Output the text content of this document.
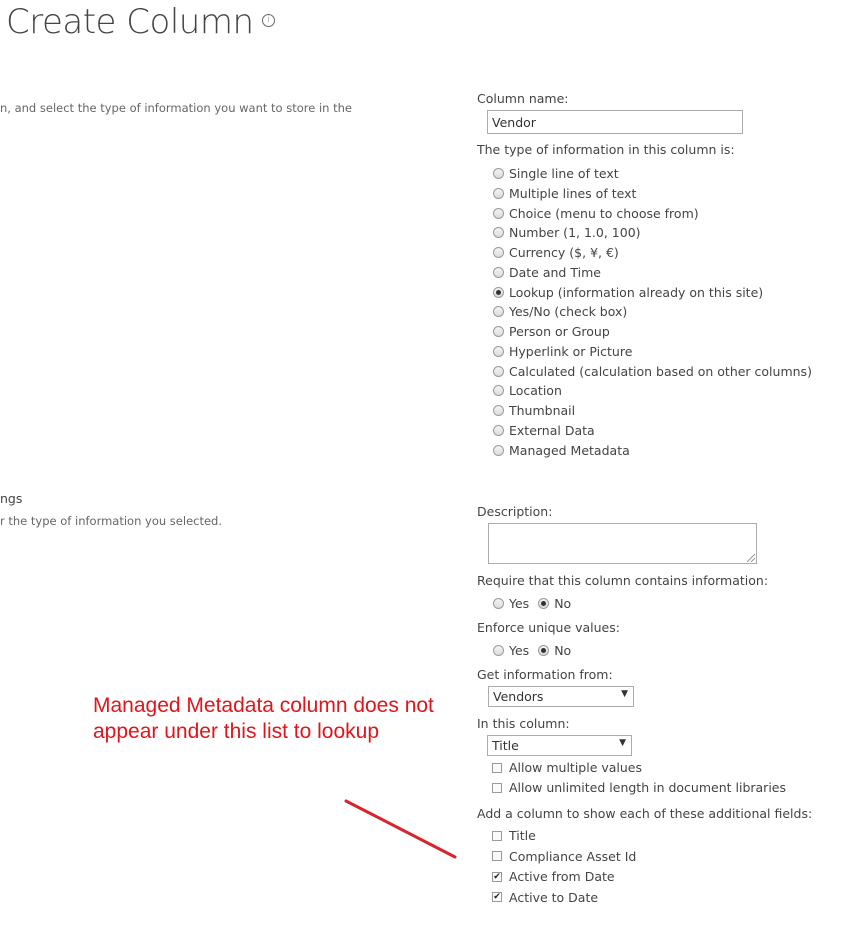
Create Column i
n, and select the type of information you want to store in the
ngs
r the type of information you selected.
Column name:
Vendor
The type of information in this column is:
Single line of text
Multiple lines of text
Choice (menu to choose from)
Number (1, 1.0, 100)
Currency ($, ¥, €)
Date and Time
Lookup (information already on this site)
Yes/No (check box)
Person or Group
Hyperlink or Picture
Calculated (calculation based on other columns)
Location
Thumbnail
External Data
Managed Metadata
Description:
Require that this column contains information:
Yes No
Enforce unique values:
Yes No
Get information from:
Vendors	▼
In this column:
Title	▼
Allow multiple values
Allow unlimited length in document libraries
Add a column to show each of these additional fields:
Title
Compliance Asset Id
✔ Active from Date
✔ Active to Date
Managed Metadata column does not
appear under this list to lookup
